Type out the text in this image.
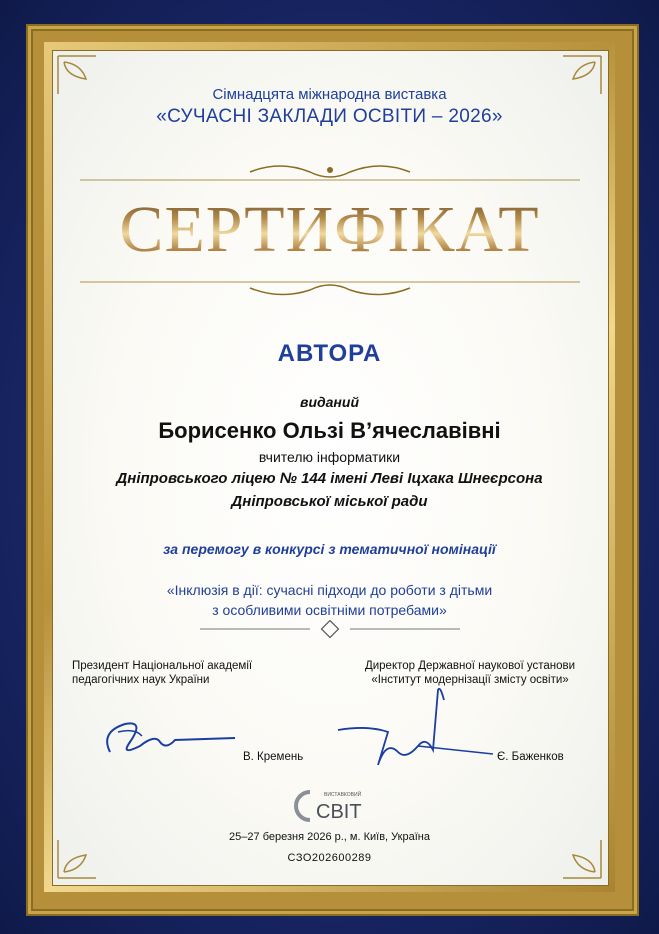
Сімнадцята міжнародна виставка
«СУЧАСНІ ЗАКЛАДИ ОСВІТИ – 2026»
СЕРТИФІКАТ
АВТОРА
виданий
Борисенко Ользі В’ячеславівні
вчителю інформатики
Дніпровського ліцею № 144 імені Леві Іцхака Шнеєрсона
Дніпровської міської ради
за перемогу в конкурсі з тематичної номінації
«Інклюзія в дії: сучасні підходи до роботи з дітьми
з особливими освітніми потребами»
Президент Національної академії
педагогічних наук України
Директор Державної наукової установи
«Інститут модернізації змісту освіти»
В. Кремень	Є. Баженков
ВИСТАВКОВИЙ
СВІТ
25–27 березня 2026 р., м. Київ, Україна
СЗО202600289
